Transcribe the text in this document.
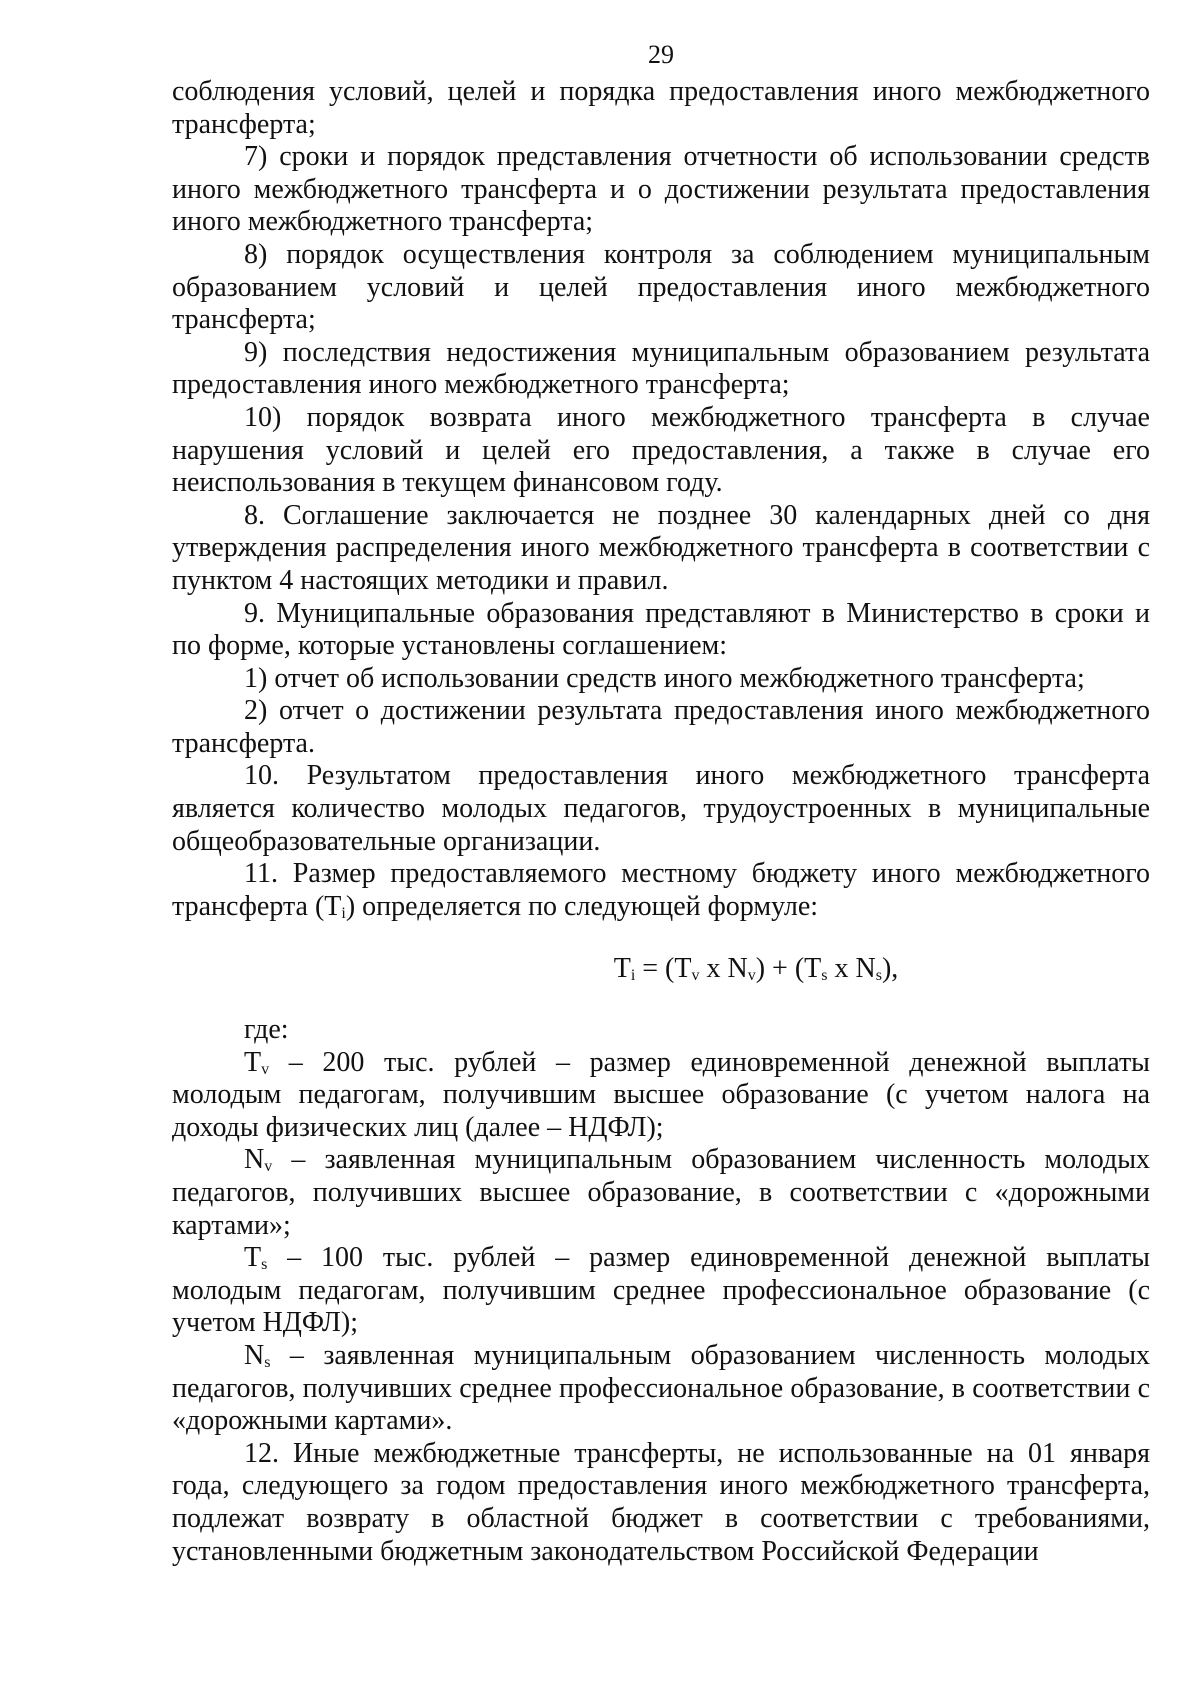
29

соблюдения условий, целей и порядка предоставления иного межбюджетного трансферта;

7) сроки и порядок представления отчетности об использовании средств иного межбюджетного трансферта и о достижении результата предоставления иного межбюджетного трансферта;

8) порядок осуществления контроля за соблюдением муниципальным образованием условий и целей предоставления иного межбюджетного трансферта;

9) последствия недостижения муниципальным образованием результата предоставления иного межбюджетного трансферта;

10) порядок возврата иного межбюджетного трансферта в случае нарушения условий и целей его предоставления, а также в случае его неиспользования в текущем финансовом году.

8. Соглашение заключается не позднее 30 календарных дней со дня утверждения распределения иного межбюджетного трансферта в соответствии с пунктом 4 настоящих методики и правил.

9. Муниципальные образования представляют в Министерство в сроки и по форме, которые установлены соглашением:

1) отчет об использовании средств иного межбюджетного трансферта;

2) отчет о достижении результата предоставления иного межбюджетного трансферта.

10. Результатом предоставления иного межбюджетного трансферта является количество молодых педагогов, трудоустроенных в муниципальные общеобразовательные организации.

11. Размер предоставляемого местному бюджету иного межбюджетного трансферта $(T_i)$ определяется по следующей формуле:

$T_i = (T_v$ x $N_v) + (T_s$ x $N_s$),

где:

$T_v - 200$ тыс. рублей – размер единовременной денежной выплаты молодым педагогам, получившим высшее образование (с учетом налога на доходы физических лиц (далее – НДФЛ);

$N_v$ – заявленная муниципальным образованием численность молодых педагогов, получивших высшее образование, в соответствии с «дорожными картами»;

$T_s - 100$ тыс. рублей – размер единовременной денежной выплаты молодым педагогам, получившим среднее профессиональное образование (с учетом НДФЛ);

$N_s$ – заявленная муниципальным образованием численность молодых педагогов, получивших среднее профессиональное образование, в соответствии с «дорожными картами».

12. Иные межбюджетные трансферты, не использованные на 01 января года, следующего за годом предоставления иного межбюджетного трансферта, подлежат возврату в областной бюджет в соответствии с требованиями, установленными бюджетным законодательством Российской Федерации
